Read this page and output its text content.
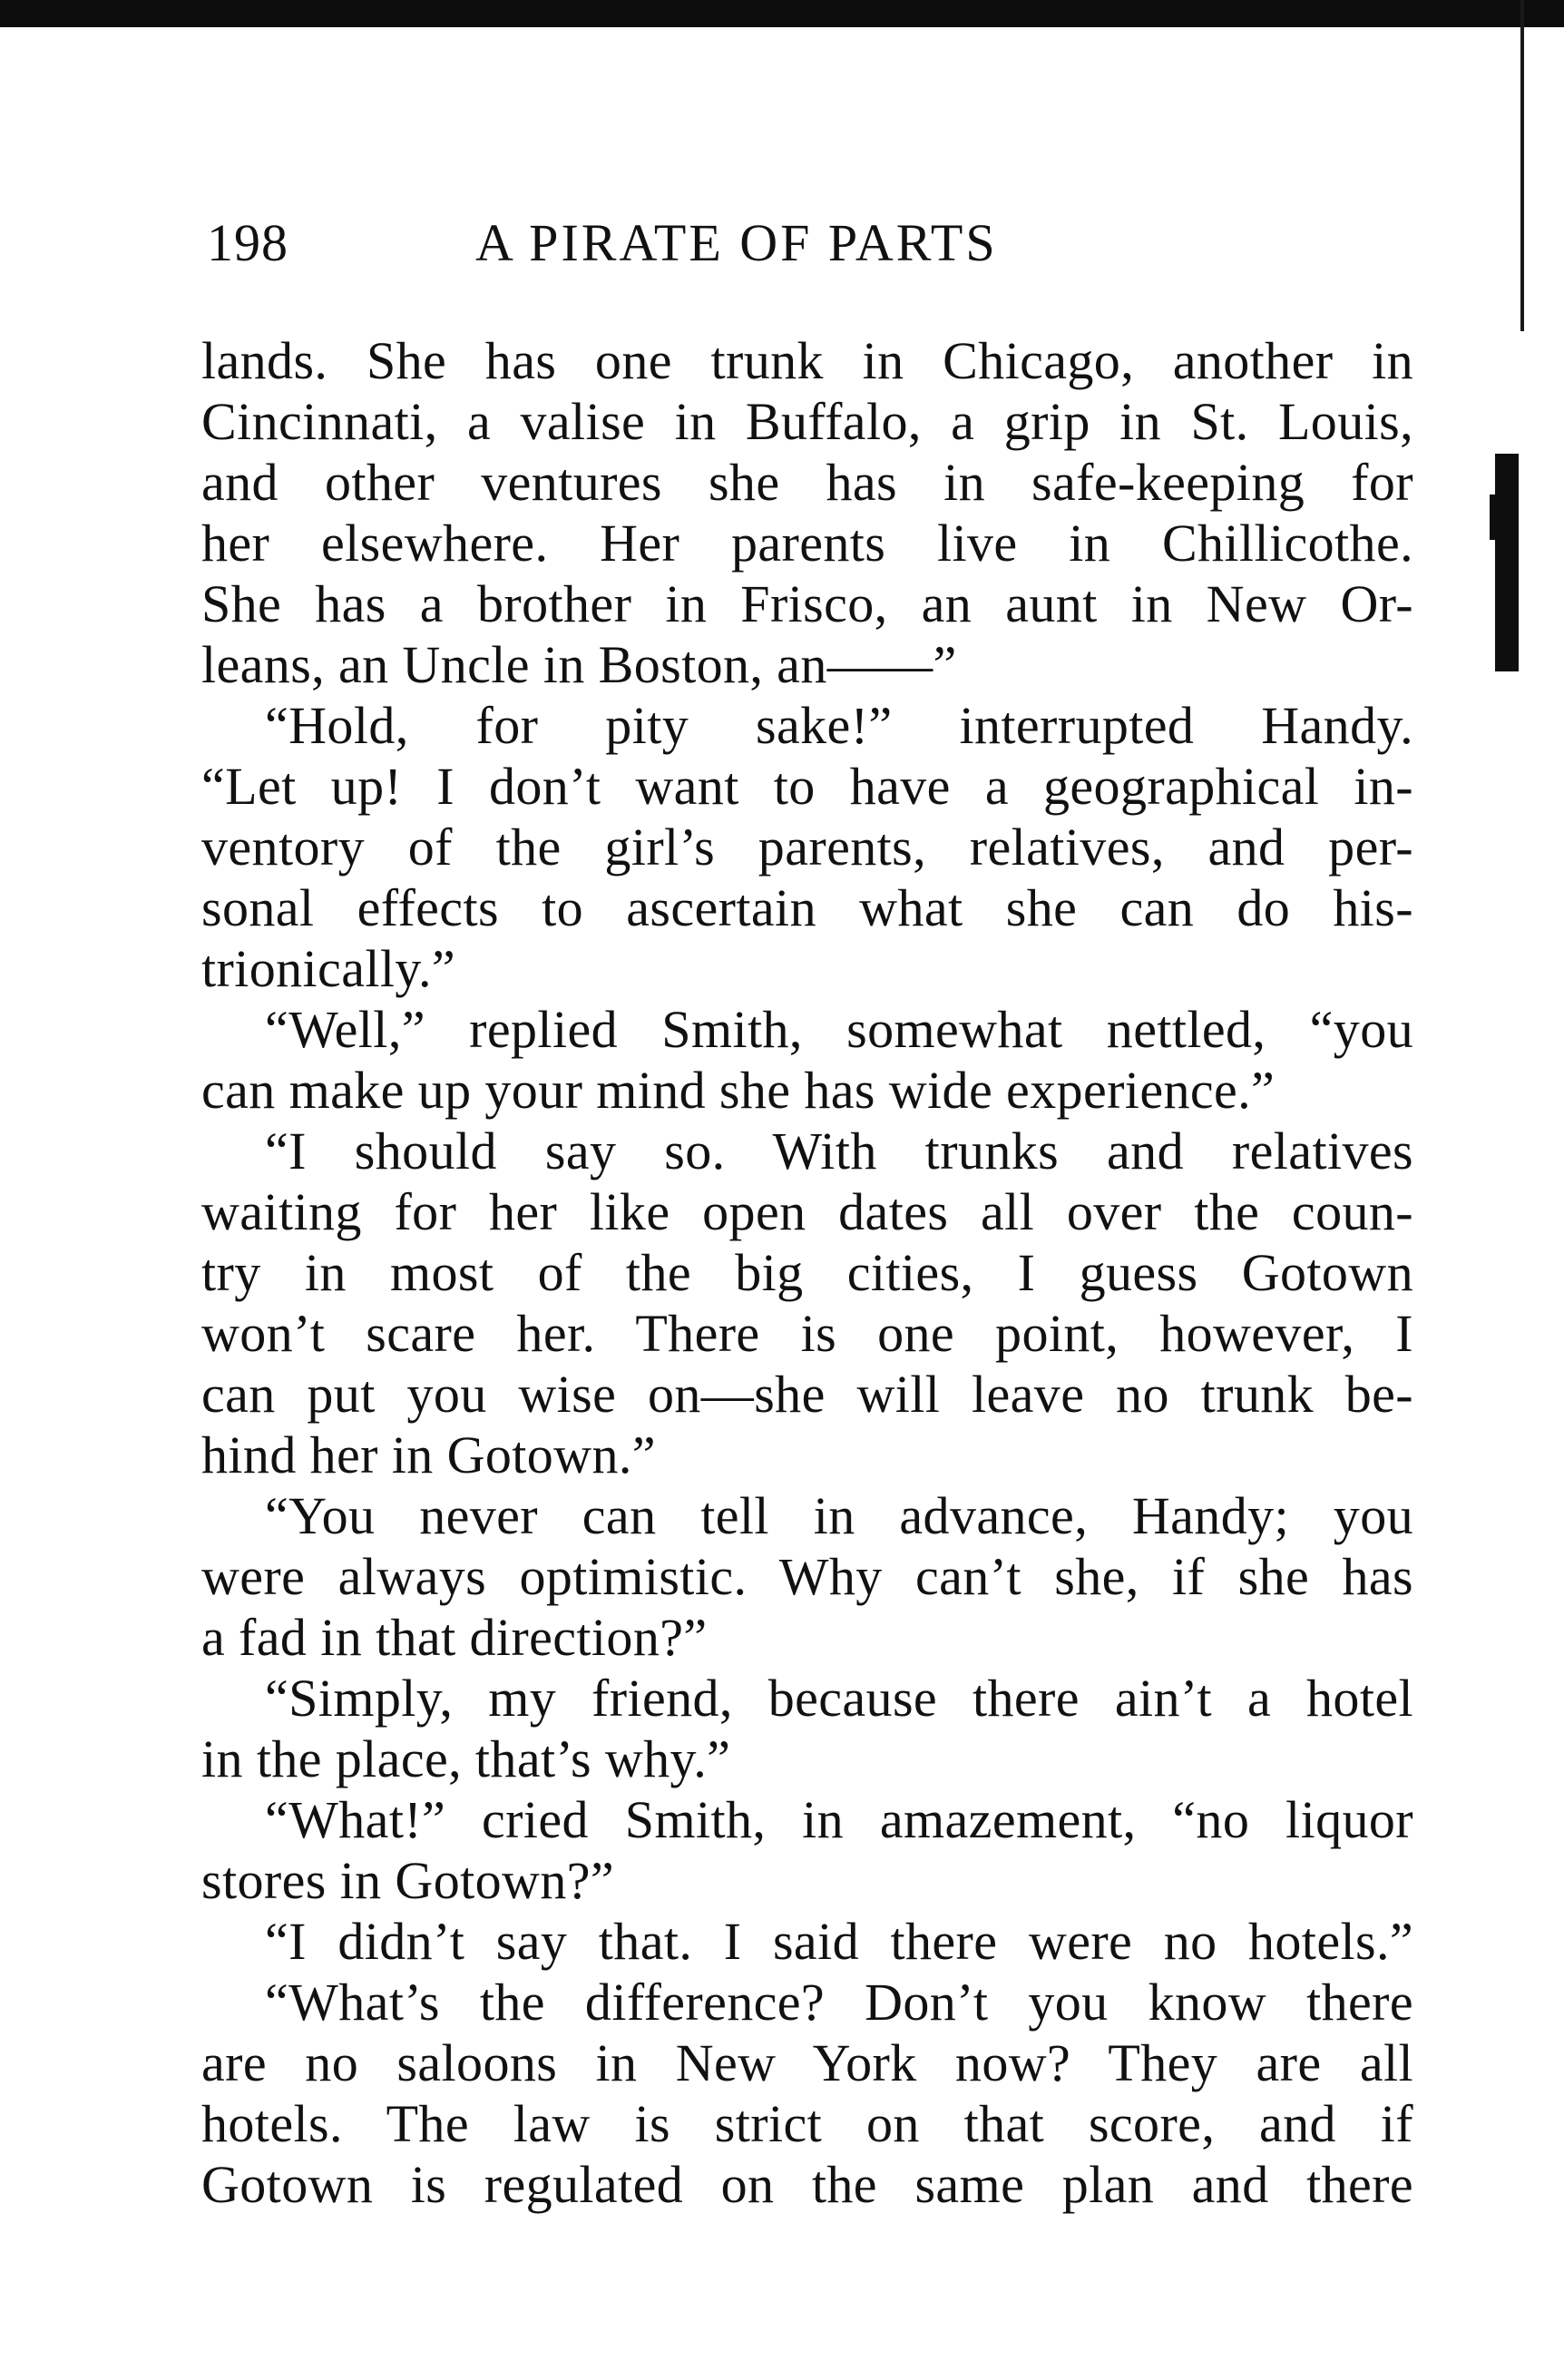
198	A PIRATE OF PARTS
lands. She has one trunk in Chicago, another in
Cincinnati, a valise in Buffalo, a grip in St. Louis,
and other ventures she has in safe-keeping for
her elsewhere. Her parents live in Chillicothe.
She has a brother in Frisco, an aunt in New Or-
leans, an Uncle in Boston, an——”
“Hold, for pity sake!” interrupted Handy.
“Let up! I don’t want to have a geographical in-
ventory of the girl’s parents, relatives, and per-
sonal effects to ascertain what she can do his-
trionically.”
“Well,” replied Smith, somewhat nettled, “you
can make up your mind she has wide experience.”
“I should say so. With trunks and relatives
waiting for her like open dates all over the coun-
try in most of the big cities, I guess Gotown
won’t scare her. There is one point, however, I
can put you wise on—she will leave no trunk be-
hind her in Gotown.”
“You never can tell in advance, Handy; you
were always optimistic. Why can’t she, if she has
a fad in that direction?”
“Simply, my friend, because there ain’t a hotel
in the place, that’s why.”
“What!” cried Smith, in amazement, “no liquor
stores in Gotown?”
“I didn’t say that. I said there were no hotels.”
“What’s the difference? Don’t you know there
are no saloons in New York now? They are all
hotels. The law is strict on that score, and if
Gotown is regulated on the same plan and there
